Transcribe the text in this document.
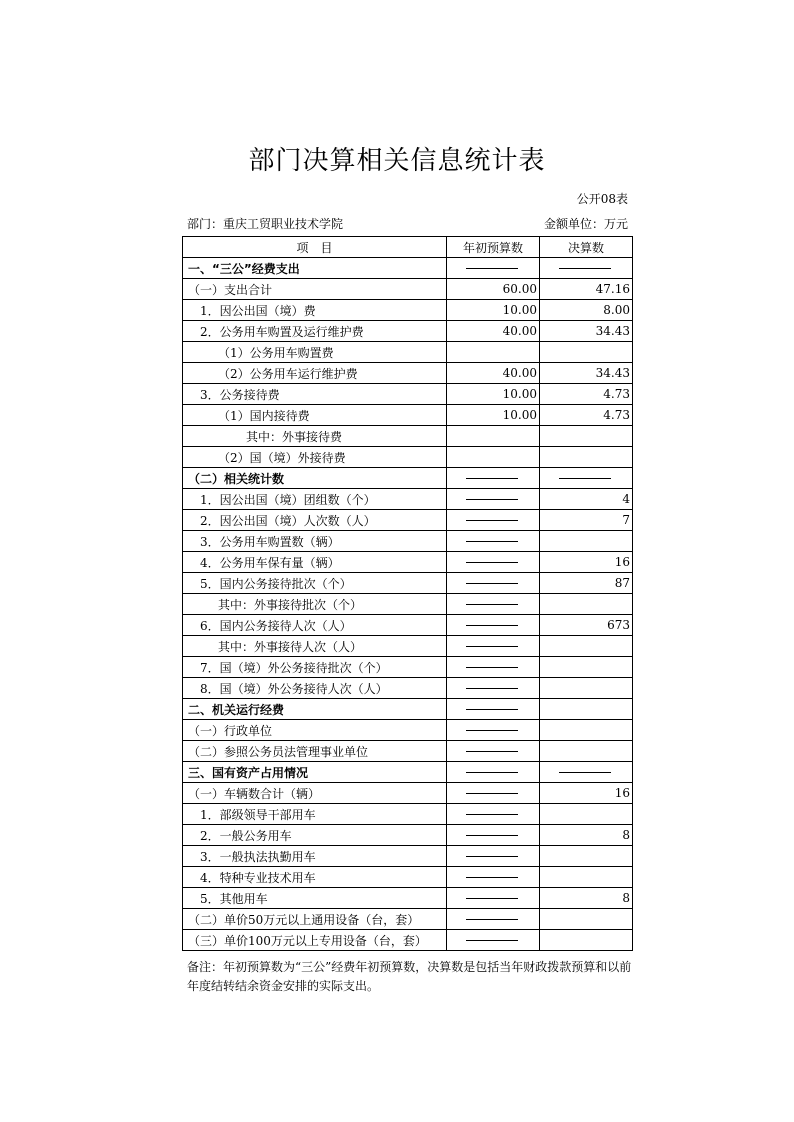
部门决算相关信息统计表
公开08表
部门：重庆工贸职业技术学院	金额单位：万元
项　目	年初预算数	决算数
一、“三公”经费支出	

（一）支出合计	60.00	47.16
1．因公出国（境）费	10.00	8.00
2．公务用车购置及运行维护费	40.00	34.43
（1）公务用车购置费		
（2）公务用车运行维护费	40.00	34.43
3．公务接待费	10.00	4.73
（1）国内接待费	10.00	4.73
其中：外事接待费		
（2）国（境）外接待费		
（二）相关统计数	

1．因公出国（境）团组数（个）		4
2．因公出国（境）人次数（人）		7
3．公务用车购置数（辆）	

4．公务用车保有量（辆）		16
5．国内公务接待批次（个）		87
其中：外事接待批次（个）	

6．国内公务接待人次（人）		673
其中：外事接待人次（人）	

7．国（境）外公务接待批次（个）	

8．国（境）外公务接待人次（人）	

二、机关运行经费	

（一）行政单位	

（二）参照公务员法管理事业单位	

三、国有资产占用情况	

（一）车辆数合计（辆）		16
1．部级领导干部用车	

2．一般公务用车		8
3．一般执法执勤用车	

4．特种专业技术用车	

5．其他用车		8
（二）单价50万元以上通用设备（台，套）	

（三）单价100万元以上专用设备（台，套）	

备注：年初预算数为“三公”经费年初预算数，决算数是包括当年财政拨款预算和以前年度结转结余资金安排的实际支出。
